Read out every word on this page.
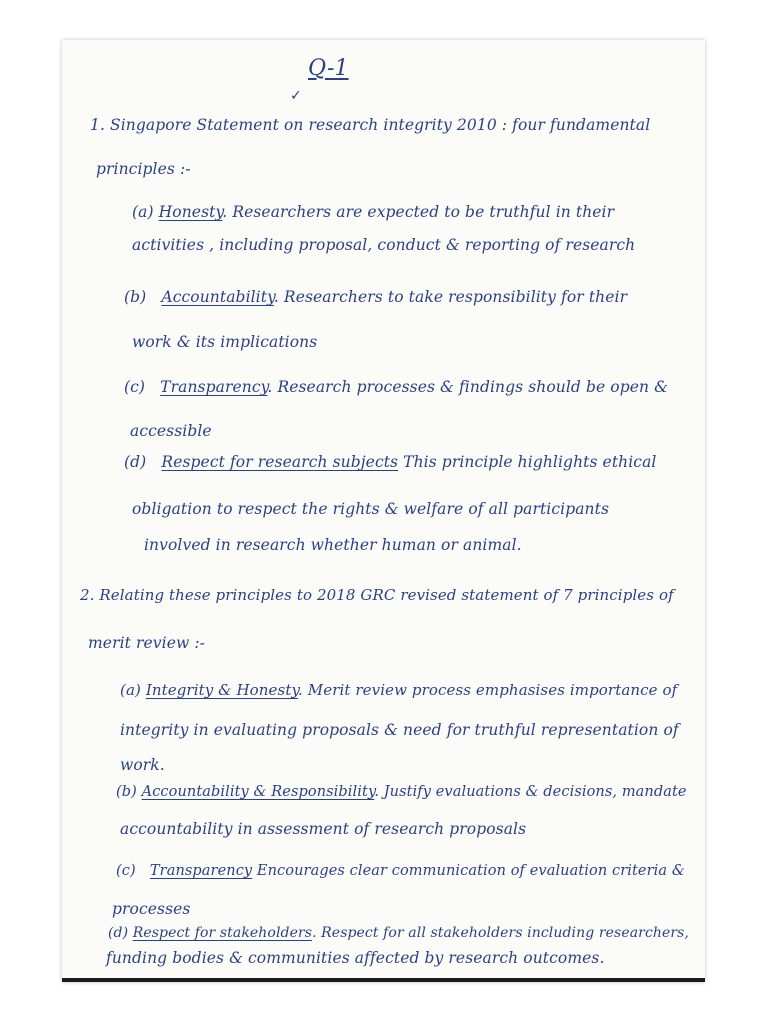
Q-1

✓

1. Singapore Statement on research integrity 2010 : four fundamental

principles :-

(a) Honesty. Researchers are expected to be truthful in their

activities , including proposal, conduct & reporting of research

(b) Accountability. Researchers to take responsibility for their

work & its implications

(c) Transparency. Research processes & findings should be open &

accessible

(d) Respect for research subjects This principle highlights ethical

obligation to respect the rights & welfare of all participants

involved in research whether human or animal.

2. Relating these principles to 2018 GRC revised statement of 7 principles of

merit review :-

(a) Integrity & Honesty. Merit review process emphasises importance of

integrity in evaluating proposals & need for truthful representation of

work.

(b) Accountability & Responsibility. Justify evaluations & decisions, mandate

accountability in assessment of research proposals

(c) Transparency Encourages clear communication of evaluation criteria &

processes

(d) Respect for stakeholders. Respect for all stakeholders including researchers,

funding bodies & communities affected by research outcomes.
